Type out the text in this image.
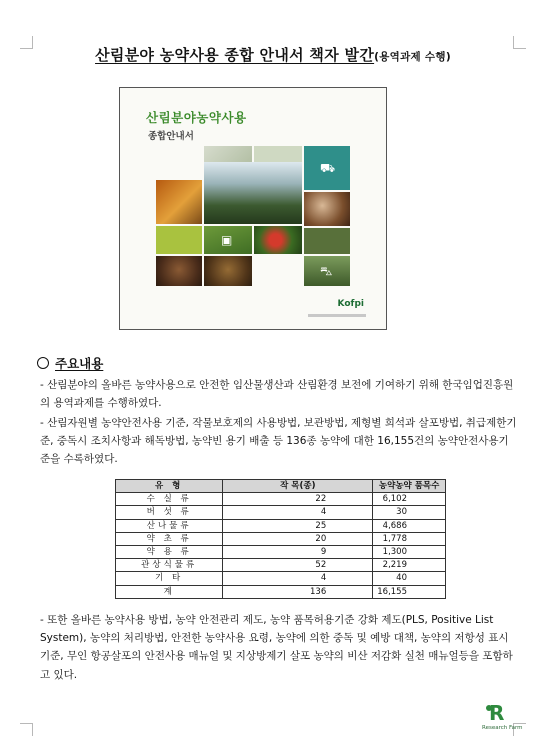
산림분야 농약사용 종합 안내서 책자 발간(용역과제 수행)
산림분야농약사용
종합안내서
⛟
▣
⛍
Kofpi
주요내용
- 산림분야의 올바른 농약사용으로 안전한 임산물생산과 산림환경 보전에 기여하기 위해 한국임업진흥원의 용역과제를 수행하였다.
- 산림자원별 농약안전사용 기준, 작물보호제의 사용방법, 보관방법, 제형별 희석과 살포방법, 취급제한기준, 중독시 조치사항과 해독방법, 농약빈 용기 배출 등 136종 농약에 대한 16,155건의 농약안전사용기준을 수록하였다.
유 형	작 목(종)	농약농약 품목수
수 실 류	22	6,102
버 섯 류	4	30
산나물류	25	4,686
약 초 류	20	1,778
약 용 류	9	1,300
관상식물류	52	2,219
기 타	4	40
계	136	16,155
- 또한 올바른 농약사용 방법, 농약 안전관리 제도, 농약 품목허용기준 강화 제도(PLS, Positive List System), 농약의 처리방법, 안전한 농약사용 요령, 농약에 의한 중독 및 예방 대책, 농약의 저항성 표시기준, 무인 항공살포의 안전사용 매뉴얼 및 지상방제기 살포 농약의 비산 저감화 실천 매뉴얼등을 포함하고 있다.
R
Research Farm
